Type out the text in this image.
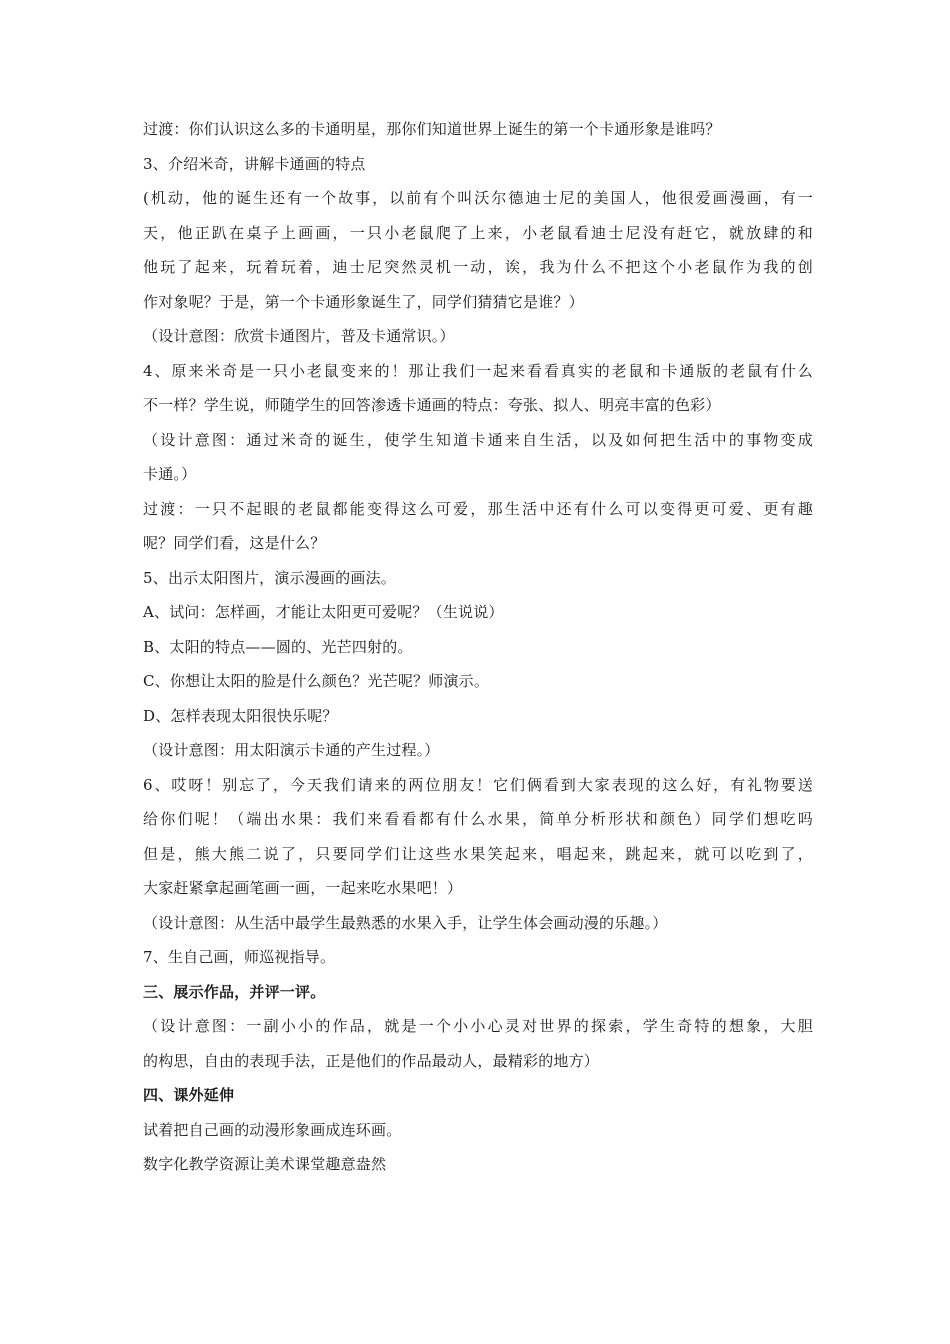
过渡：你们认识这么多的卡通明星，那你们知道世界上诞生的第一个卡通形象是谁吗？
3、介绍米奇，讲解卡通画的特点
(机动，他的诞生还有一个故事，以前有个叫沃尔德迪士尼的美国人，他很爱画漫画，有一
天，他正趴在桌子上画画，一只小老鼠爬了上来，小老鼠看迪士尼没有赶它，就放肆的和
他玩了起来，玩着玩着，迪士尼突然灵机一动，诶，我为什么不把这个小老鼠作为我的创
作对象呢？于是，第一个卡通形象诞生了，同学们猜猜它是谁？）
（设计意图：欣赏卡通图片，普及卡通常识。）
4、原来米奇是一只小老鼠变来的！那让我们一起来看看真实的老鼠和卡通版的老鼠有什么
不一样？学生说，师随学生的回答渗透卡通画的特点：夸张、拟人、明亮丰富的色彩）
（设计意图：通过米奇的诞生，使学生知道卡通来自生活，以及如何把生活中的事物变成
卡通。）
过渡：一只不起眼的老鼠都能变得这么可爱，那生活中还有什么可以变得更可爱、更有趣
呢？同学们看，这是什么？
5、出示太阳图片，演示漫画的画法。
A、试问：怎样画，才能让太阳更可爱呢？（生说说）
B、太阳的特点——圆的、光芒四射的。
C、你想让太阳的脸是什么颜色？光芒呢？师演示。
D、怎样表现太阳很快乐呢？
（设计意图：用太阳演示卡通的产生过程。）
6、哎呀！别忘了，今天我们请来的两位朋友！它们俩看到大家表现的这么好，有礼物要送
给你们呢！（端出水果：我们来看看都有什么水果，简单分析形状和颜色）同学们想吃吗
但是，熊大熊二说了，只要同学们让这些水果笑起来，唱起来，跳起来，就可以吃到了，
大家赶紧拿起画笔画一画，一起来吃水果吧！）
（设计意图：从生活中最学生最熟悉的水果入手，让学生体会画动漫的乐趣。）
7、生自己画，师巡视指导。
三、展示作品，并评一评。
（设计意图：一副小小的作品，就是一个小小心灵对世界的探索，学生奇特的想象，大胆
的构思，自由的表现手法，正是他们的作品最动人，最精彩的地方）
四、课外延伸
试着把自己画的动漫形象画成连环画。
数字化教学资源让美术课堂趣意盎然
